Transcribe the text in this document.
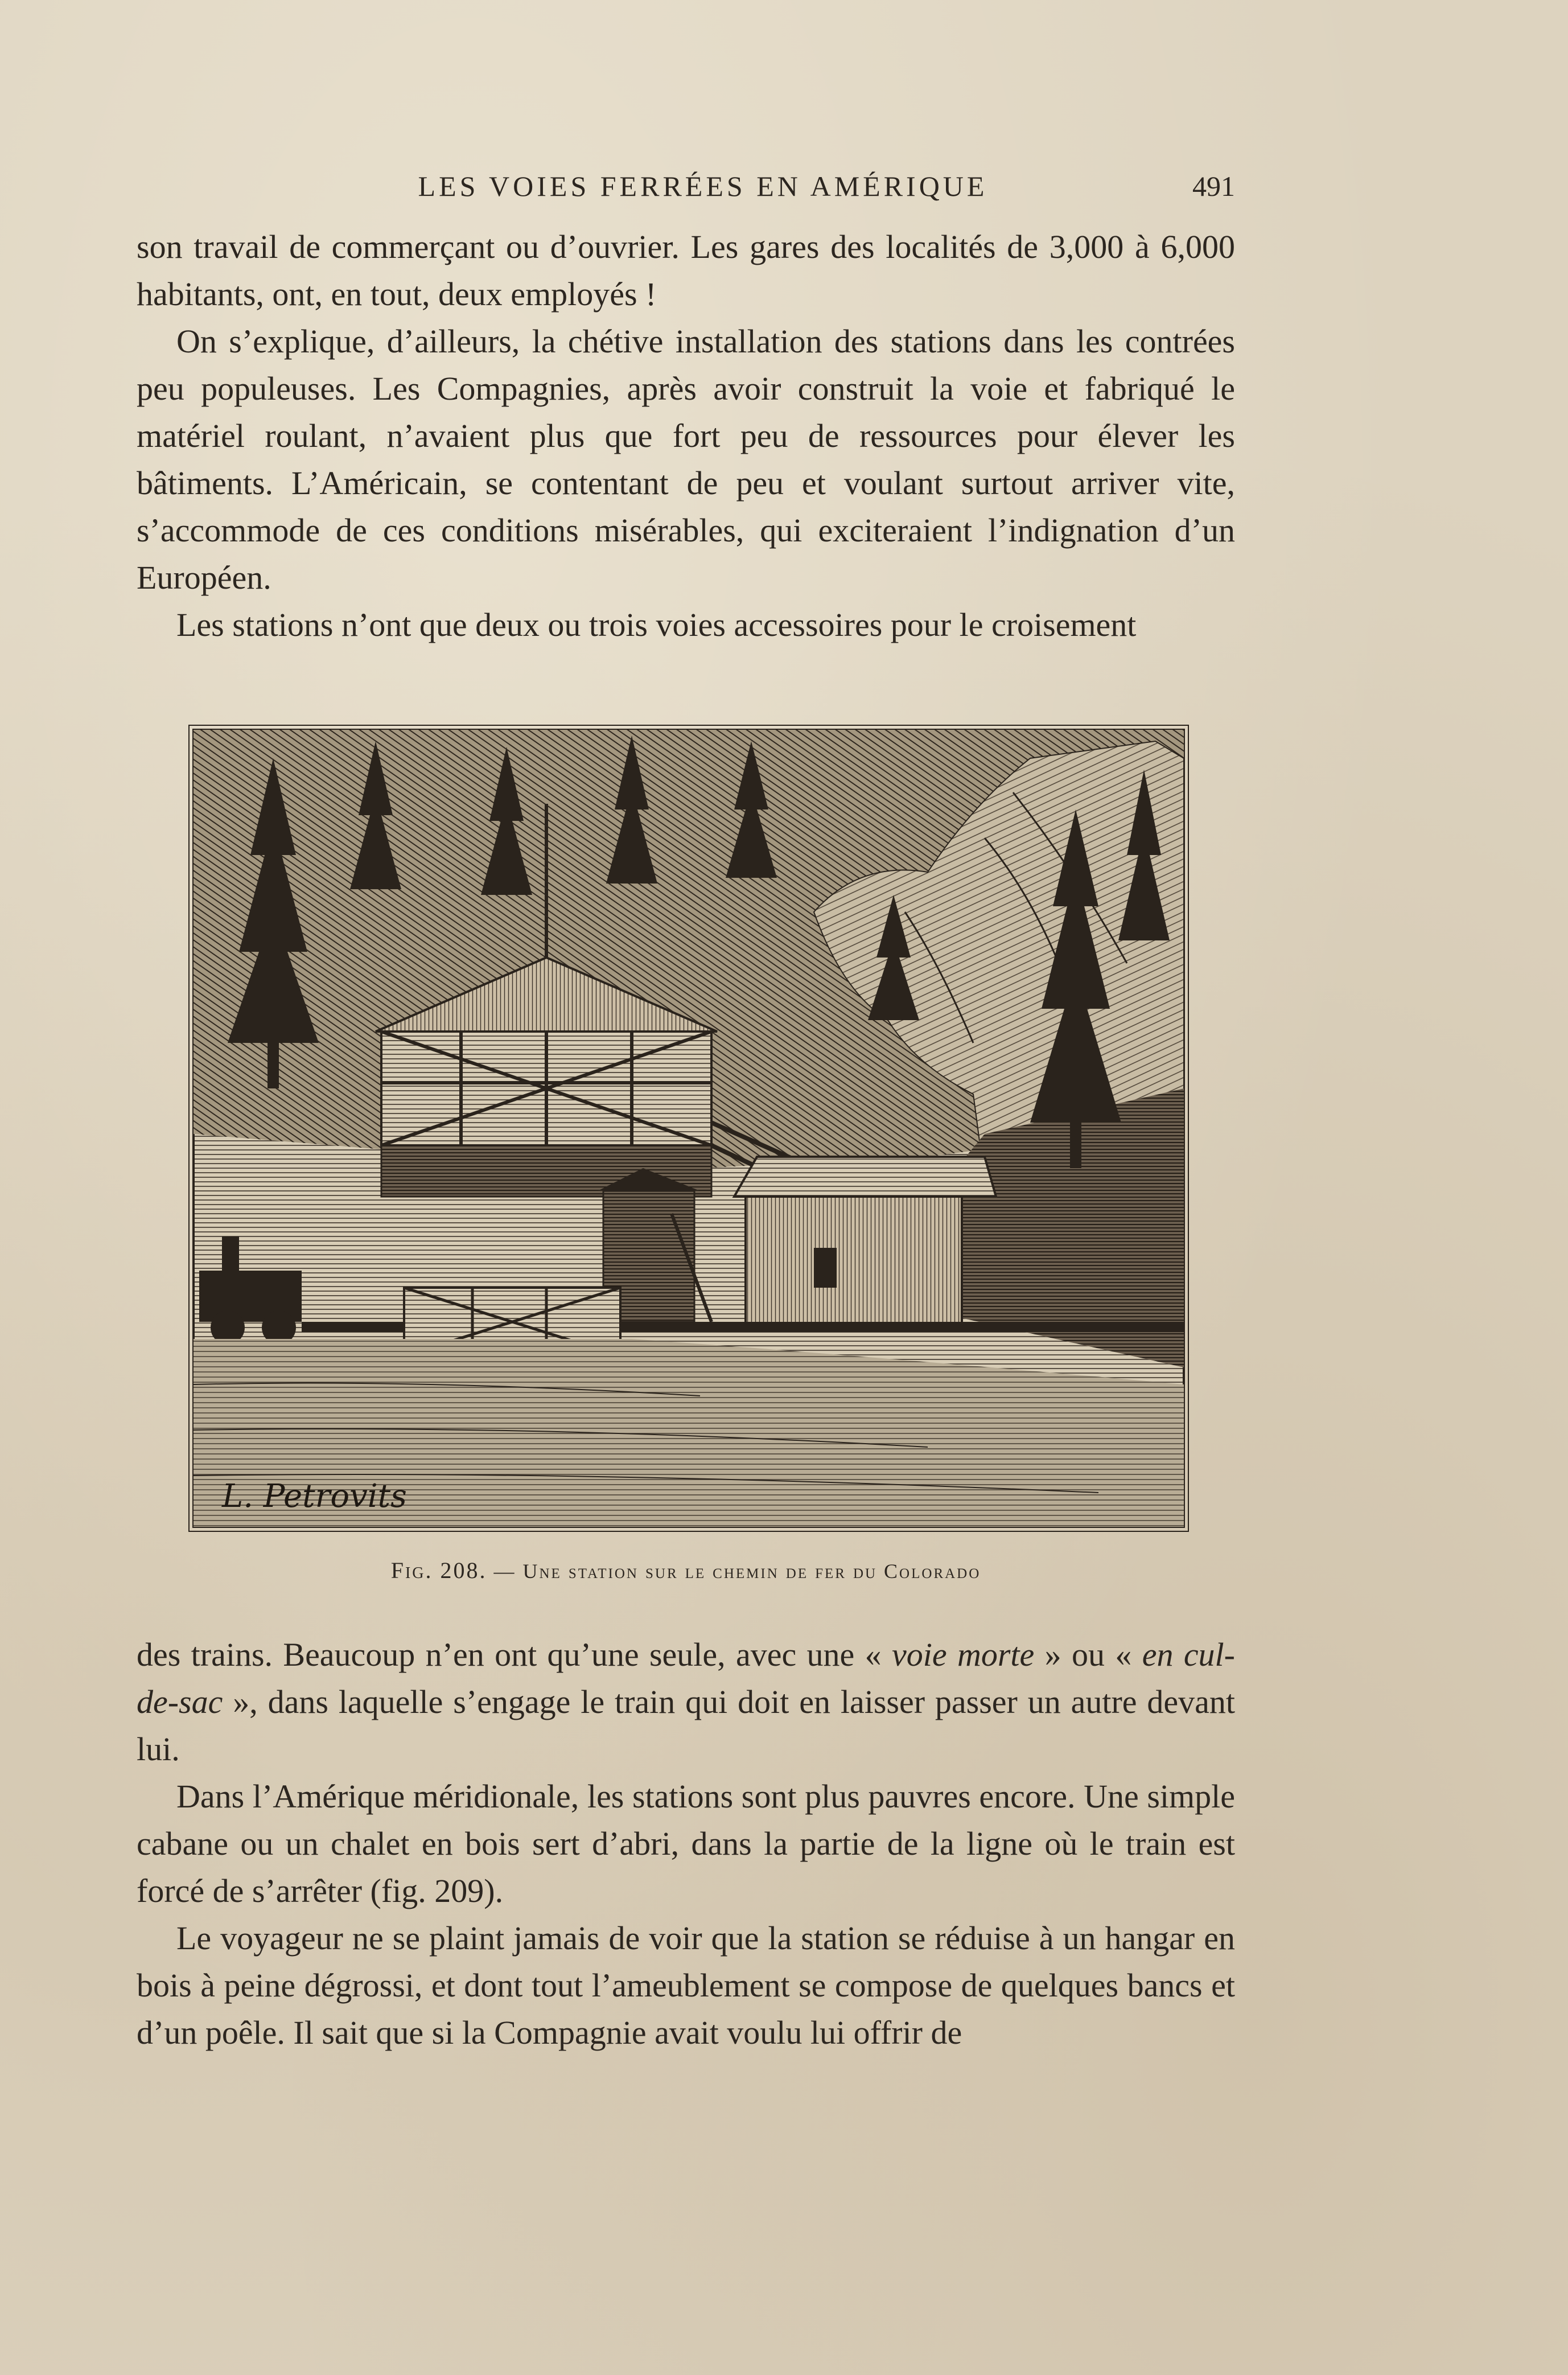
LES VOIES FERRÉES EN AMÉRIQUE	491

son travail de commerçant ou d’ouvrier. Les gares des localités de 3,000 à 6,000 habitants, ont, en tout, deux employés !

On s’explique, d’ailleurs, la chétive installation des stations dans les contrées peu populeuses. Les Compagnies, après avoir construit la voie et fabriqué le matériel roulant, n’avaient plus que fort peu de ressources pour élever les bâtiments. L’Américain, se contentant de peu et voulant surtout arriver vite, s’accommode de ces conditions misérables, qui exciteraient l’indignation d’un Européen.

Les stations n’ont que deux ou trois voies accessoires pour le croisement

L. Petrovits
Fig. 208. — Une station sur le chemin de fer du Colorado

des trains. Beaucoup n’en ont qu’une seule, avec une « voie morte » ou « en cul-de-sac », dans laquelle s’engage le train qui doit en laisser passer un autre devant lui.

Dans l’Amérique méridionale, les stations sont plus pauvres encore. Une simple cabane ou un chalet en bois sert d’abri, dans la partie de la ligne où le train est forcé de s’arrêter (fig. 209).

Le voyageur ne se plaint jamais de voir que la station se réduise à un hangar en bois à peine dégrossi, et dont tout l’ameublement se compose de quelques bancs et d’un poêle. Il sait que si la Compagnie avait voulu lui offrir de
